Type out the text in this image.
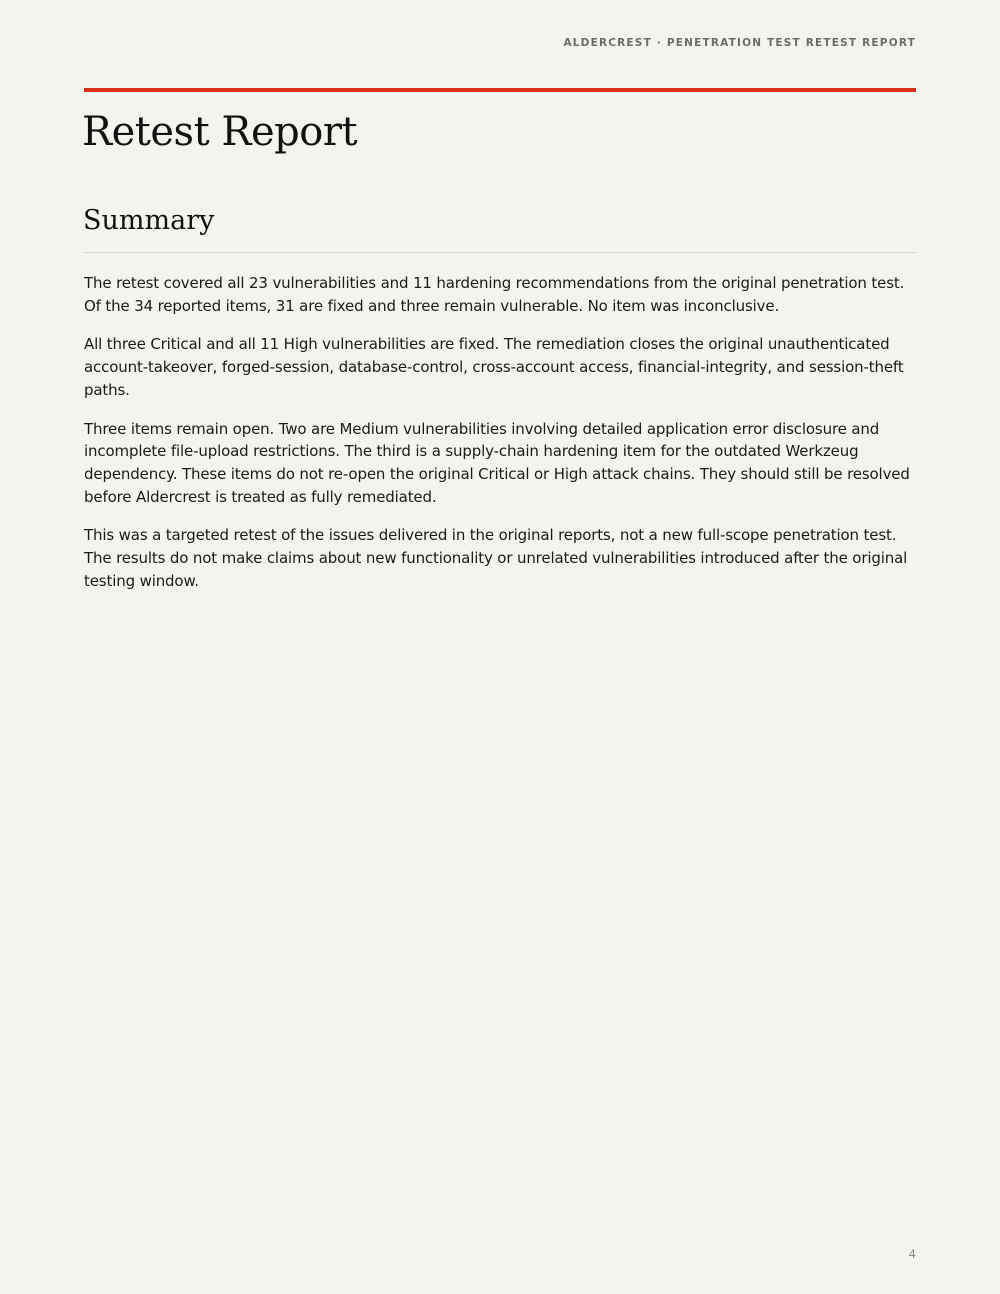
ALDERCREST · PENETRATION TEST RETEST REPORT
Retest Report
Summary

The retest covered all 23 vulnerabilities and 11 hardening recommendations from the original penetration test. Of the 34 reported items, 31 are fixed and three remain vulnerable. No item was inconclusive.

All three Critical and all 11 High vulnerabilities are fixed. The remediation closes the original unauthenticated account-takeover, forged-session, database-control, cross-account access, financial-integrity, and session-theft paths.

Three items remain open. Two are Medium vulnerabilities involving detailed application error disclosure and incomplete file-upload restrictions. The third is a supply-chain hardening item for the outdated Werkzeug dependency. These items do not re-open the original Critical or High attack chains. They should still be resolved before Aldercrest is treated as fully remediated.

This was a targeted retest of the issues delivered in the original reports, not a new full-scope penetration test. The results do not make claims about new functionality or unrelated vulnerabilities introduced after the original testing window.

4
